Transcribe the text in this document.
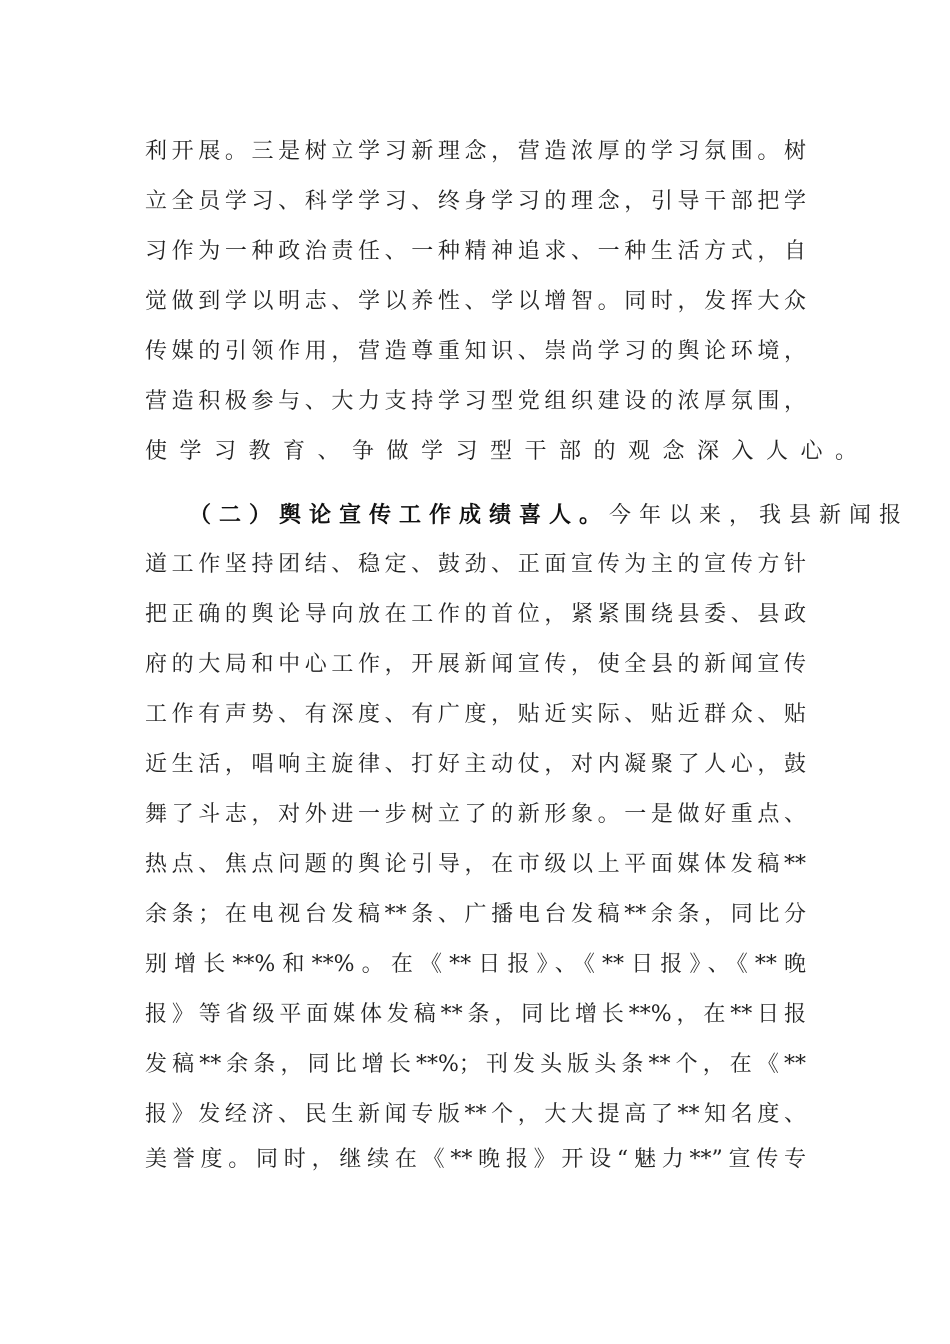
利开展。三是树立学习新理念，营造浓厚的学习氛围。树
立全员学习、科学学习、终身学习的理念，引导干部把学
习作为一种政治责任、一种精神追求、一种生活方式，自
觉做到学以明志、学以养性、学以增智。同时，发挥大众
传媒的引领作用，营造尊重知识、崇尚学习的舆论环境，
营造积极参与、大力支持学习型党组织建设的浓厚氛围，
使学习教育、争做学习型干部的观念深入人心。
（二）舆论宣传工作成绩喜人。今年以来，我县新闻报
道工作坚持团结、稳定、鼓劲、正面宣传为主的宣传方针
把正确的舆论导向放在工作的首位，紧紧围绕县委、县政
府的大局和中心工作，开展新闻宣传，使全县的新闻宣传
工作有声势、有深度、有广度，贴近实际、贴近群众、贴
近生活，唱响主旋律、打好主动仗，对内凝聚了人心，鼓
舞了斗志，对外进一步树立了的新形象。一是做好重点、
热点、焦点问题的舆论引导，在市级以上平面媒体发稿**
余条；在电视台发稿**条、广播电台发稿**余条，同比分
别增长**%和**%。在《**日报》、《**日报》、《**晚
报》等省级平面媒体发稿**条，同比增长**%，在**日报
发稿**余条，同比增长**%；刊发头版头条**个，在《**
报》发经济、民生新闻专版**个，大大提高了**知名度、
美誉度。同时，继续在《**晚报》开设“魅力**”宣传专
